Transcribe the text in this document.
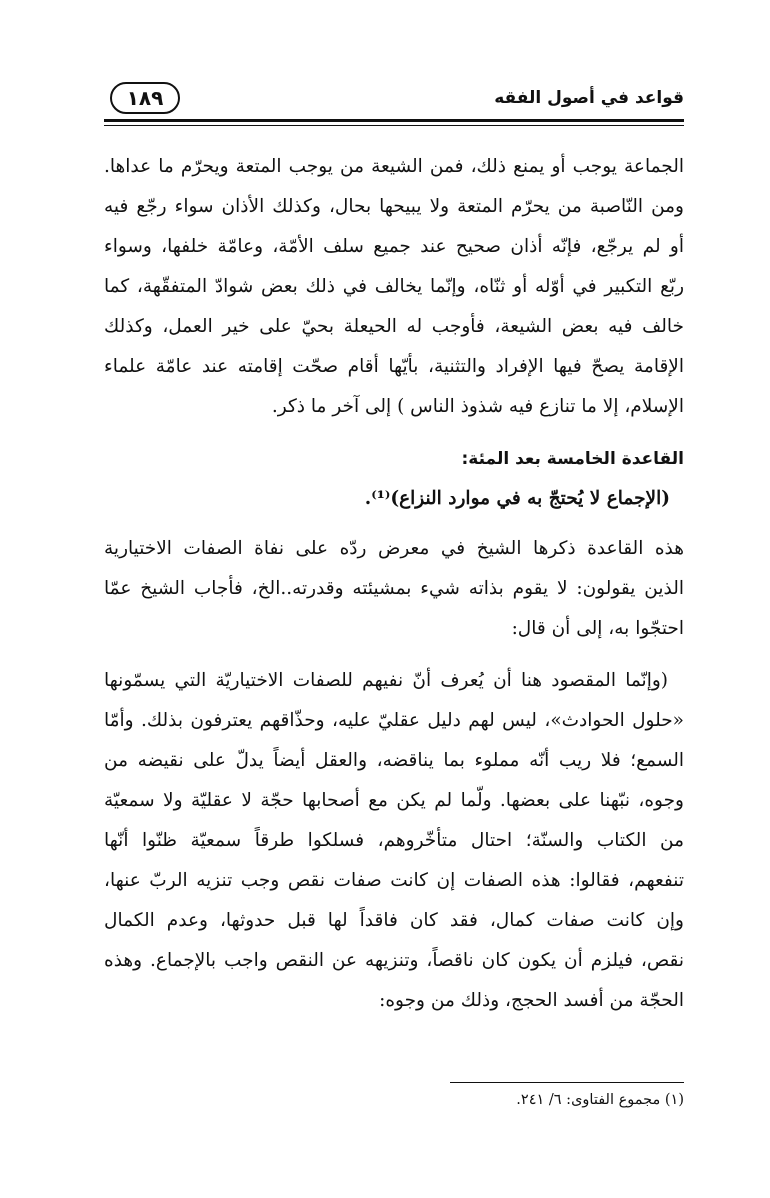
قواعد في أصول الفقه
١٨٩
الجماعة يوجب أو يمنع ذلك، فمن الشيعة من يوجب المتعة ويحرّم ما عداها.
ومن النّاصبة من يحرّم المتعة ولا يبيحها بحال، وكذلك الأذان سواء رجّع فيه
أو لم يرجّع، فإنّه أذان صحيح عند جميع سلف الأمّة، وعامّة خلفها، وسواء
ربّع التكبير في أوّله أو ثنّاه، وإنّما يخالف في ذلك بعض شوادّ المتفقّهة، كما
خالف فيه بعض الشيعة، فأوجب له الحيعلة بحيّ على خير العمل، وكذلك
الإقامة يصحّ فيها الإفراد والتثنية، بأيّها أقام صحّت إقامته عند عامّة علماء
الإسلام، إلا ما تنازع فيه شذوذ الناس ) إلى آخر ما ذكر.
القاعدة الخامسة بعد المئة:
(الإجماع لا يُحتجّ به في موارد النزاع)⁽¹⁾.
هذه القاعدة ذكرها الشيخ في معرض ردّه على نفاة الصفات الاختيارية
الذين يقولون: لا يقوم بذاته شيء بمشيئته وقدرته..الخ، فأجاب الشيخ عمّا
احتجّوا به، إلى أن قال:
(وإنّما المقصود هنا أن يُعرف أنّ نفيهم للصفات الاختياريّة التي يسمّونها
«حلول الحوادث»، ليس لهم دليل عقليّ عليه، وحذّاقهم يعترفون بذلك. وأمّا
السمع؛ فلا ريب أنّه مملوء بما يناقضه، والعقل أيضاً يدلّ على نقيضه من
وجوه، نبّهنا على بعضها. ولّما لم يكن مع أصحابها حجّة لا عقليّة ولا سمعيّة
من الكتاب والسنّة؛ احتال متأخّروهم، فسلكوا طرقاً سمعيّة ظنّوا أنّها
تنفعهم، فقالوا: هذه الصفات إن كانت صفات نقص وجب تنزيه الربّ عنها،
وإن كانت صفات كمال، فقد كان فاقداً لها قبل حدوثها، وعدم الكمال
نقص، فيلزم أن يكون كان ناقصاً، وتنزيهه عن النقص واجب بالإجماع. وهذه
الحجّة من أفسد الحجج، وذلك من وجوه:
(١) مجموع الفتاوى: ٦/ ٢٤١.
